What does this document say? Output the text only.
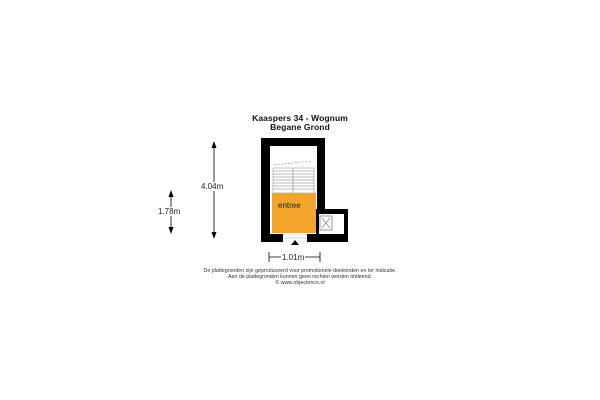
Kaaspers 34 - Wognum
Begane Grond
4.04m
1.78m
1.01m
entree
De plattegronden zijn geproduceerd voor promotionele doeleinden en ter indicatie.
Aan de plattegronden kunnen geen rechten worden ontleend.
© www.objectenco.nl
